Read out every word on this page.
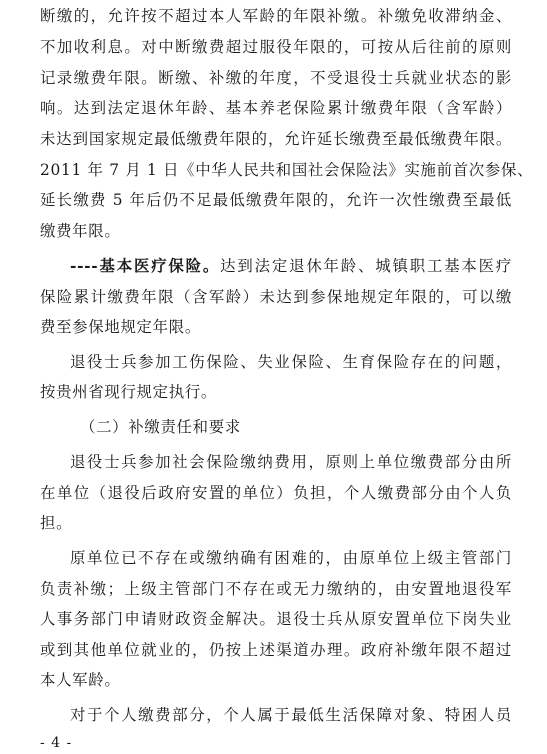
断缴的，允许按不超过本人军龄的年限补缴。补缴免收滞纳金、
不加收利息。对中断缴费超过服役年限的，可按从后往前的原则
记录缴费年限。断缴、补缴的年度，不受退役士兵就业状态的影
响。达到法定退休年龄、基本养老保险累计缴费年限（含军龄）
未达到国家规定最低缴费年限的，允许延长缴费至最低缴费年限。
2011 年 7 月 1 日《中华人民共和国社会保险法》实施前首次参保、
延长缴费 5 年后仍不足最低缴费年限的，允许一次性缴费至最低
缴费年限。
----基本医疗保险。达到法定退休年龄、城镇职工基本医疗
保险累计缴费年限（含军龄）未达到参保地规定年限的，可以缴
费至参保地规定年限。
退役士兵参加工伤保险、失业保险、生育保险存在的问题，
按贵州省现行规定执行。
（二）补缴责任和要求
退役士兵参加社会保险缴纳费用，原则上单位缴费部分由所
在单位（退役后政府安置的单位）负担，个人缴费部分由个人负
担。
原单位已不存在或缴纳确有困难的，由原单位上级主管部门
负责补缴；上级主管部门不存在或无力缴纳的，由安置地退役军
人事务部门申请财政资金解决。退役士兵从原安置单位下岗失业
或到其他单位就业的，仍按上述渠道办理。政府补缴年限不超过
本人军龄。
对于个人缴费部分，个人属于最低生活保障对象、特困人员
- 4 -
